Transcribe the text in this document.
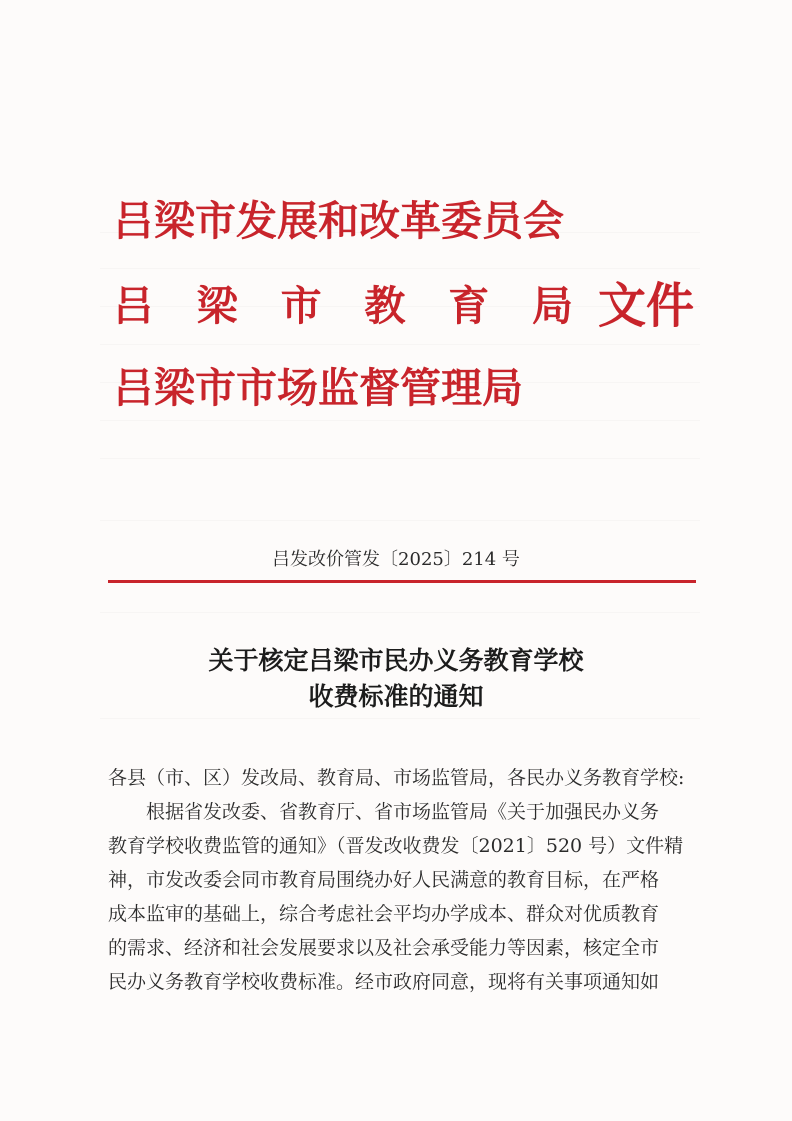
吕梁市发展和改革委员会
吕 梁 市 教 育 局
吕梁市市场监督管理局
文件
吕发改价管发〔2025〕214 号
关于核定吕梁市民办义务教育学校
收费标准的通知
各县（市、区）发改局、教育局、市场监管局，各民办义务教育学校:
根据省发改委、省教育厅、省市场监管局《关于加强民办义务
教育学校收费监管的通知》（晋发改收费发〔2021〕520 号）文件精
神，市发改委会同市教育局围绕办好人民满意的教育目标，在严格
成本监审的基础上，综合考虑社会平均办学成本、群众对优质教育
的需求、经济和社会发展要求以及社会承受能力等因素，核定全市
民办义务教育学校收费标准。经市政府同意，现将有关事项通知如
